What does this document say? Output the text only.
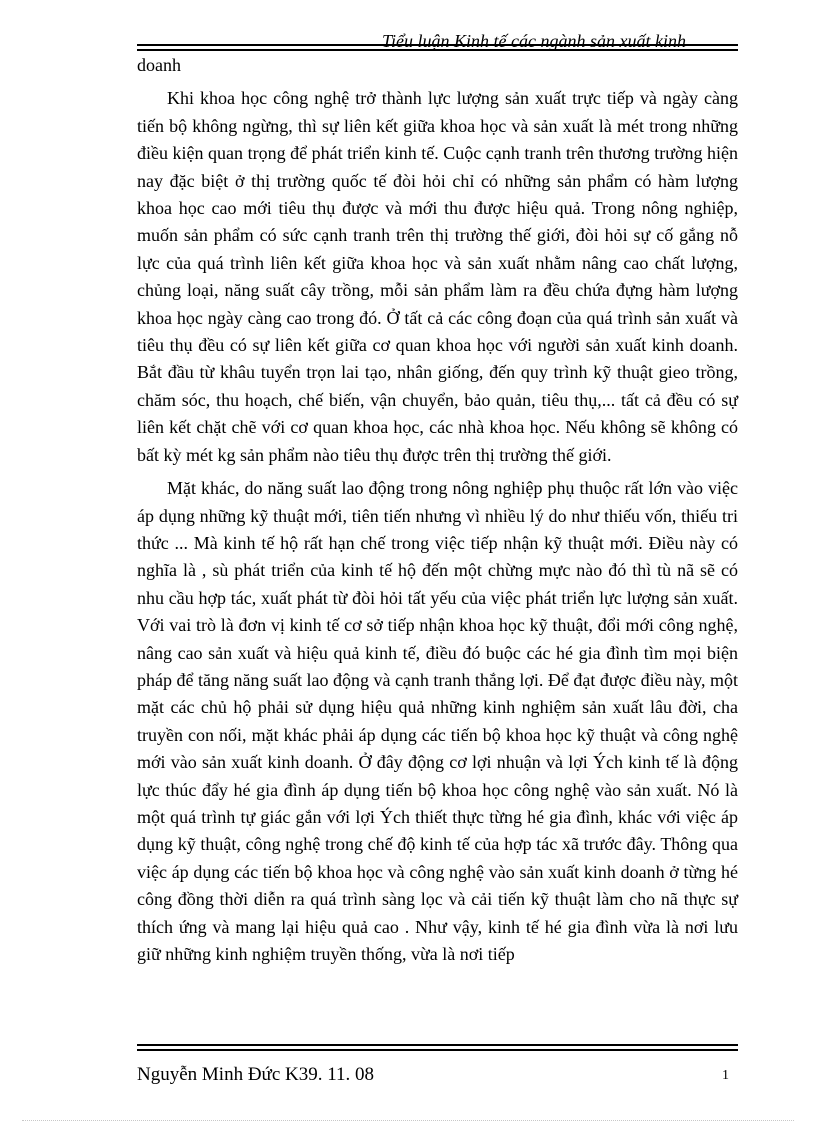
Tiểu luận Kinh tế các ngành sản xuất kinh

doanh

Khi khoa học công nghệ trở thành lực lượng sản xuất trực tiếp và ngày càng tiến bộ không ngừng, thì sự liên kết giữa khoa học và sản xuất là mét trong những điều kiện quan trọng để phát triển kinh tế. Cuộc cạnh tranh trên thương trường hiện nay đặc biệt ở thị trường quốc tế đòi hỏi chỉ có những sản phẩm có hàm lượng khoa học cao mới tiêu thụ được và mới thu được hiệu quả. Trong nông nghiệp, muốn sản phẩm có sức cạnh tranh trên thị trường thế giới, đòi hỏi sự cố gắng nỗ lực của quá trình liên kết giữa khoa học và sản xuất nhằm nâng cao chất lượng, chủng loại, năng suất cây trồng, mỗi sản phẩm làm ra đều chứa đựng hàm lượng khoa học ngày càng cao trong đó. Ở tất cả các công đoạn của quá trình sản xuất và tiêu thụ đều có sự liên kết giữa cơ quan khoa học với người sản xuất kinh doanh. Bắt đầu từ khâu tuyển trọn lai tạo, nhân giống, đến quy trình kỹ thuật gieo trồng, chăm sóc, thu hoạch, chế biến, vận chuyển, bảo quản, tiêu thụ,... tất cả đều có sự liên kết chặt chẽ với cơ quan khoa học, các nhà khoa học. Nếu không sẽ không có bất kỳ mét kg sản phẩm nào tiêu thụ được trên thị trường thế giới.

Mặt khác, do năng suất lao động trong nông nghiệp phụ thuộc rất lớn vào việc áp dụng những kỹ thuật mới, tiên tiến nhưng vì nhiều lý do như thiếu vốn, thiếu tri thức ... Mà kinh tế hộ rất hạn chế trong việc tiếp nhận kỹ thuật mới. Điều này có nghĩa là , sù phát triển của kinh tế hộ đến một chừng mực nào đó thì tù nã sẽ có nhu cầu hợp tác, xuất phát từ đòi hỏi tất yếu của việc phát triển lực lượng sản xuất. Với vai trò là đơn vị kinh tế cơ sở tiếp nhận khoa học kỹ thuật, đổi mới công nghệ, nâng cao sản xuất và hiệu quả kinh tế, điều đó buộc các hé gia đình tìm mọi biện pháp để tăng năng suất lao động và cạnh tranh thắng lợi. Để đạt được điều này, một mặt các chủ hộ phải sử dụng hiệu quả những kinh nghiệm sản xuất lâu đời, cha truyền con nối, mặt khác phải áp dụng các tiến bộ khoa học kỹ thuật và công nghệ mới vào sản xuất kinh doanh. Ở đây động cơ lợi nhuận và lợi Ých kinh tế là động lực thúc đẩy hé gia đình áp dụng tiến bộ khoa học công nghệ vào sản xuất. Nó là một quá trình tự giác gắn với lợi Ých thiết thực từng hé gia đình, khác với việc áp dụng kỹ thuật, công nghệ trong chế độ kinh tế của hợp tác xã trước đây. Thông qua việc áp dụng các tiến bộ khoa học và công nghệ vào sản xuất kinh doanh ở từng hé công đồng thời diễn ra quá trình sàng lọc và cải tiến kỹ thuật làm cho nã thực sự thích ứng và mang lại hiệu quả cao . Như vậy, kinh tế hé gia đình vừa là nơi lưu giữ những kinh nghiệm truyền thống, vừa là nơi tiếp

Nguyễn Minh Đức K39. 11. 08	1
